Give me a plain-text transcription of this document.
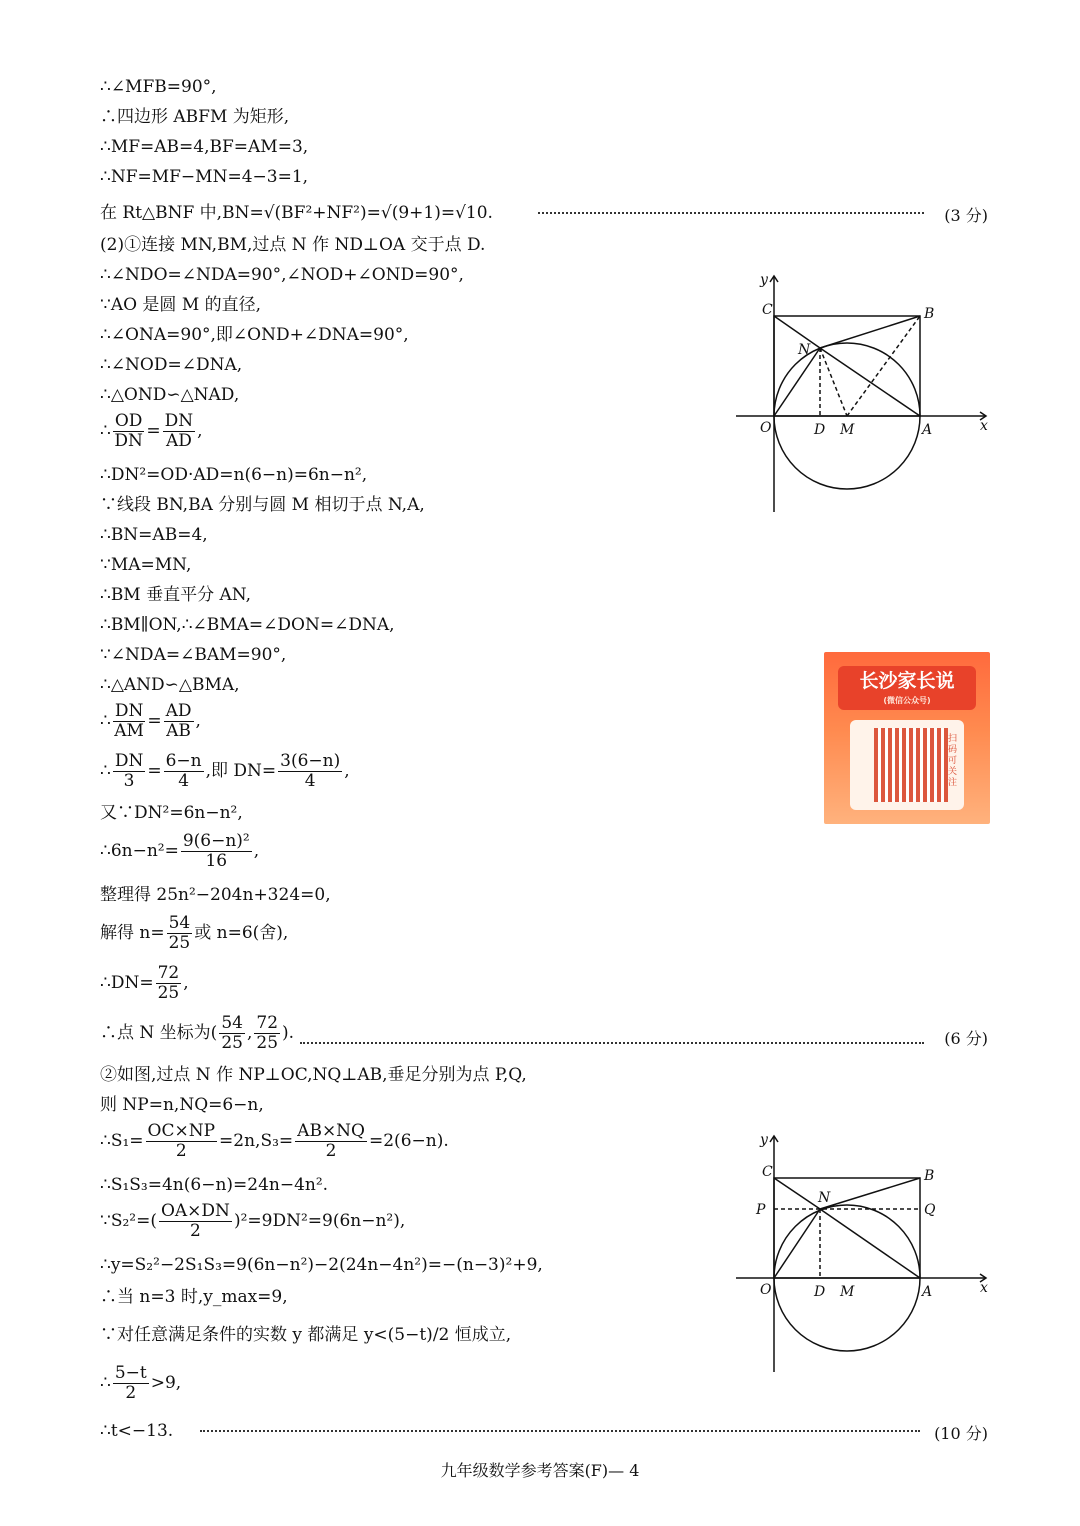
∴∠MFB=90°,
∴四边形 ABFM 为矩形,
∴MF=AB=4,BF=AM=3,
∴NF=MF−MN=4−3=1,
在 Rt△BNF 中,BN=√(BF²+NF²)=√(9+1)=√10.
(2)①连接 MN,BM,过点 N 作 ND⊥OA 交于点 D.
∴∠NDO=∠NDA=90°,∠NOD+∠OND=90°,
∵AO 是圆 M 的直径,
∴∠ONA=90°,即∠OND+∠DNA=90°,
∴∠NOD=∠DNA,
∴△OND∽△NAD,
∴DN²=OD·AD=n(6−n)=6n−n²,
∵线段 BN,BA 分别与圆 M 相切于点 N,A,
∴BN=AB=4,
∵MA=MN,
∴BM 垂直平分 AN,
∴BM∥ON,∴∠BMA=∠DON=∠DNA,
∵∠NDA=∠BAM=90°,
∴△AND∽△BMA,
又∵DN²=6n−n²,
整理得 25n²−204n+324=0,
②如图,过点 N 作 NP⊥OC,NQ⊥AB,垂足分别为点 P,Q,
则 NP=n,NQ=6−n,
∴S₁S₃=4n(6−n)=24n−4n².
∴y=S₂²−2S₁S₃=9(6n−n²)−2(24n−4n²)=−(n−3)²+9,
∴当 n=3 时,y_max=9,
∵对任意满足条件的实数 y 都满足 y<(5−t)/2 恒成立,
∴t<−13.
∴ $\frac{OD}{DN} = \frac{DN}{AD}$ ,
∴ $\frac{DN}{AM} = \frac{AD}{AB}$ ,
∴ $\frac{DN}{3} = \frac{6-n}{4}$ ,即 $DN= \frac{3(6-n)}{4}$ ,
∴6n−n²= $\frac{\text{9(6−n)²}}{16}$ ,
解得 $n= \frac{54}{25}$ 或 n=6(舍),
∴DN= $\frac{72}{25}$ ,
∴点 N 坐标为( $\frac{54}{25}$ , $\frac{72}{25}$ ).
∴S₁= $\frac{OC\times NP}{2} =2n,S_3= \frac{AB\times NQ}{2} =2(6-n)$.
∵S₂²=( $\frac{OA\times DN}{2} )^2=9DN^2=9(6n-n^2)$,
∴ $\frac{5-t}{2} >9$,
(3 分)
(6 分)
(10 分)
y
x
C	B
N
O	D M	A
y
x
C	B
N
P	Q
O	D M	A
长沙家长说
(微信公众号)
扫码可关注
九年级数学参考答案(F)— 4
